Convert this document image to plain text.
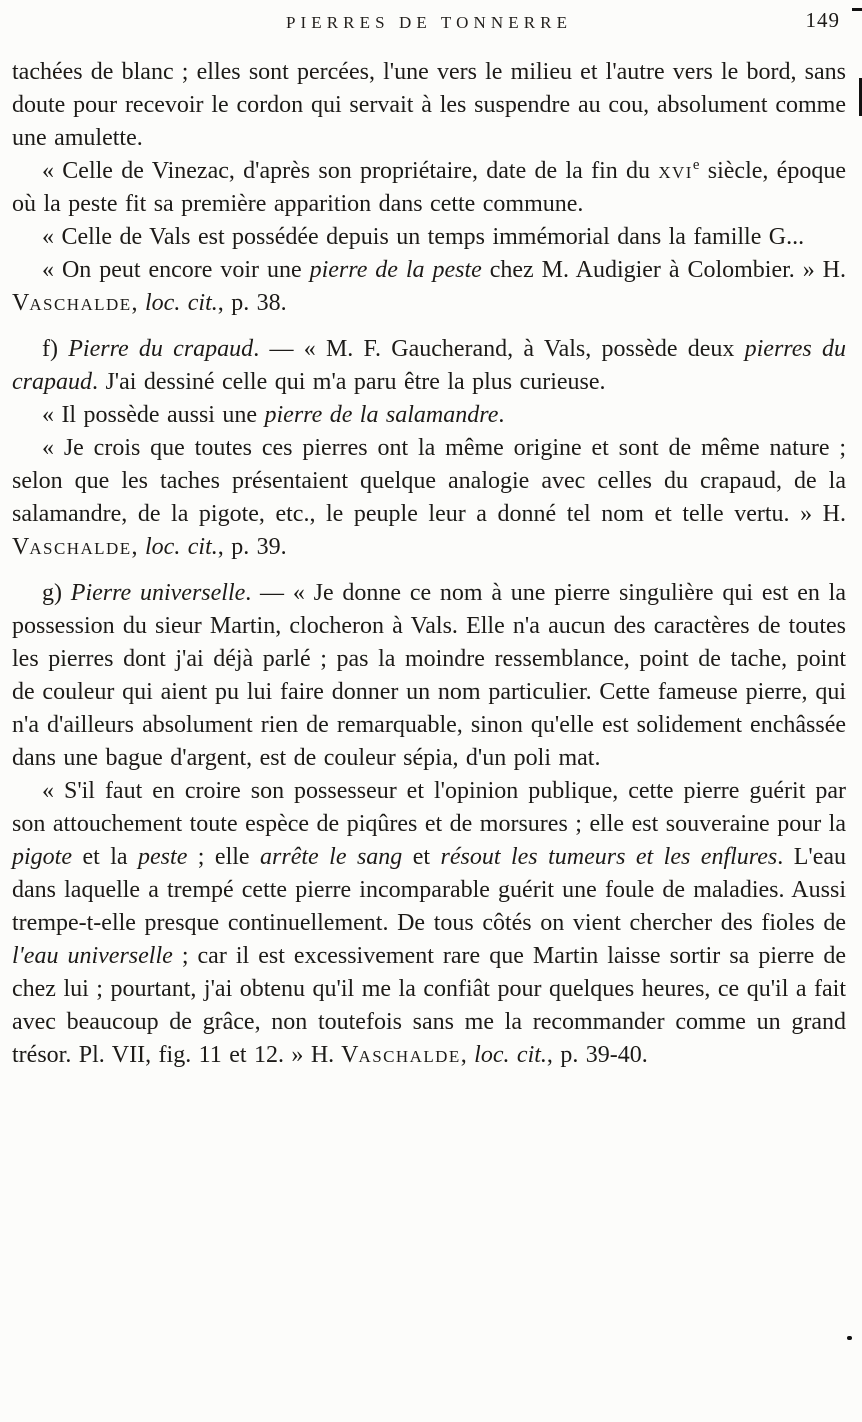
PIERRES DE TONNERRE	149

tachées de blanc ; elles sont percées, l'une vers le milieu et l'autre vers le bord, sans doute pour recevoir le cordon qui servait à les suspendre au cou, absolument comme une amulette.

« Celle de Vinezac, d'après son propriétaire, date de la fin du xvi$^e$ siècle, époque où la peste fit sa première apparition dans cette commune.

« Celle de Vals est possédée depuis un temps immémorial dans la famille G...

« On peut encore voir une pierre de la peste chez M. Audigier à Colombier. » H. Vaschalde, loc. cit., p. 38.

f) Pierre du crapaud. — « M. F. Gaucherand, à Vals, possède deux pierres du crapaud. J'ai dessiné celle qui m'a paru être la plus curieuse.

« Il possède aussi une pierre de la salamandre.

« Je crois que toutes ces pierres ont la même origine et sont de même nature ; selon que les taches présentaient quelque analogie avec celles du crapaud, de la salamandre, de la pigote, etc., le peuple leur a donné tel nom et telle vertu. » H. Vaschalde, loc. cit., p. 39.

g) Pierre universelle. — « Je donne ce nom à une pierre singulière qui est en la possession du sieur Martin, clocheron à Vals. Elle n'a aucun des caractères de toutes les pierres dont j'ai déjà parlé ; pas la moindre ressemblance, point de tache, point de couleur qui aient pu lui faire donner un nom particulier. Cette fameuse pierre, qui n'a d'ailleurs absolument rien de remarquable, sinon qu'elle est solidement enchâssée dans une bague d'argent, est de couleur sépia, d'un poli mat.

« S'il faut en croire son possesseur et l'opinion publique, cette pierre guérit par son attouchement toute espèce de piqûres et de morsures ; elle est souveraine pour la pigote et la peste ; elle arrête le sang et résout les tumeurs et les enflures. L'eau dans laquelle a trempé cette pierre incomparable guérit une foule de maladies. Aussi trempe-t-elle presque continuellement. De tous côtés on vient chercher des fioles de l'eau universelle ; car il est excessivement rare que Martin laisse sortir sa pierre de chez lui ; pourtant, j'ai obtenu qu'il me la confiât pour quelques heures, ce qu'il a fait avec beaucoup de grâce, non toutefois sans me la recommander comme un grand trésor. Pl. VII, fig. 11 et 12. » H. Vaschalde, loc. cit., p. 39-40.
